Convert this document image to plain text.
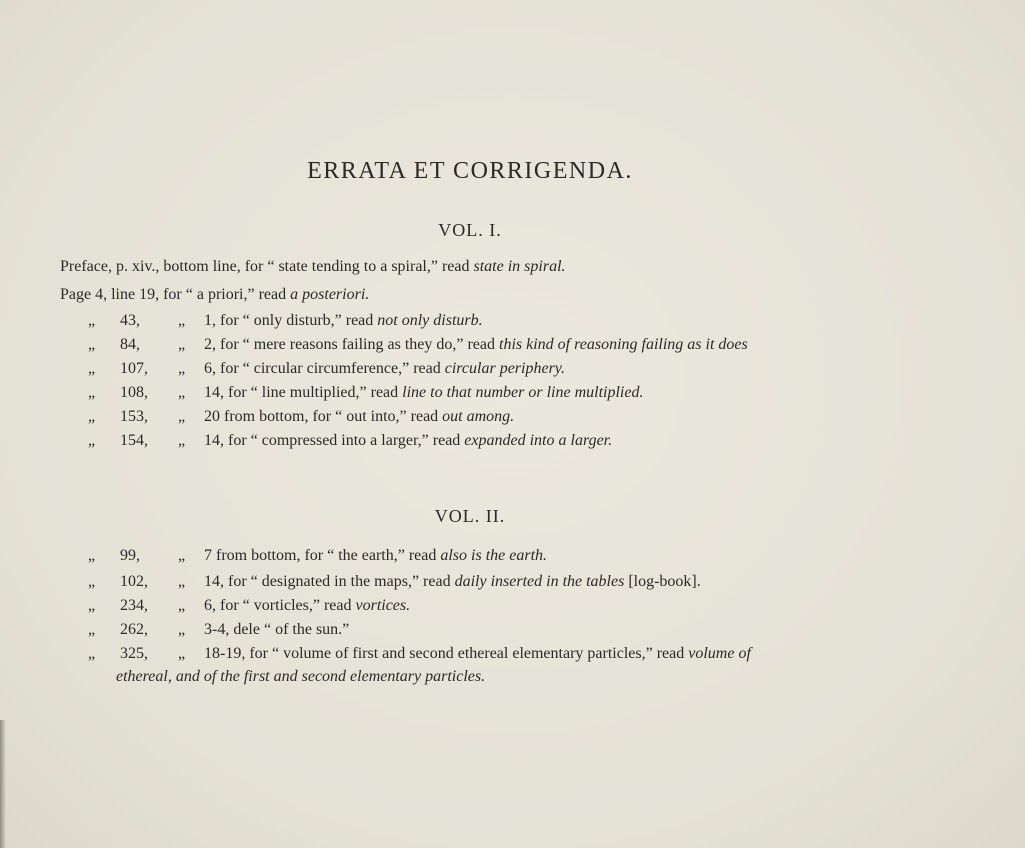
ERRATA ET CORRIGENDA.
VOL. I.
Preface, p. xiv., bottom line, for “ state tending to a spiral,” read state in spiral.
Page 4, line 19, for “ a priori,” read a posteriori.
„ 43, „ 1, for “ only disturb,” read not only disturb.
„ 84, „ 2, for “ mere reasons failing as they do,” read this kind of reasoning failing as it does
„ 107, „ 6, for “ circular circumference,” read circular periphery.
„ 108, „ 14, for “ line multiplied,” read line to that number or line multiplied.
„ 153, „ 20 from bottom, for “ out into,” read out among.
„ 154, „ 14, for “ compressed into a larger,” read expanded into a larger.
VOL. II.
„ 99, „ 7 from bottom, for “ the earth,” read also is the earth.
„ 102, „ 14, for “ designated in the maps,” read daily inserted in the tables [log-book].
„ 234, „ 6, for “ vorticles,” read vortices.
„ 262, „ 3-4, dele “ of the sun.”
„ 325, „ 18-19, for “ volume of first and second ethereal elementary particles,” read volume of
ethereal, and of the first and second elementary particles.
